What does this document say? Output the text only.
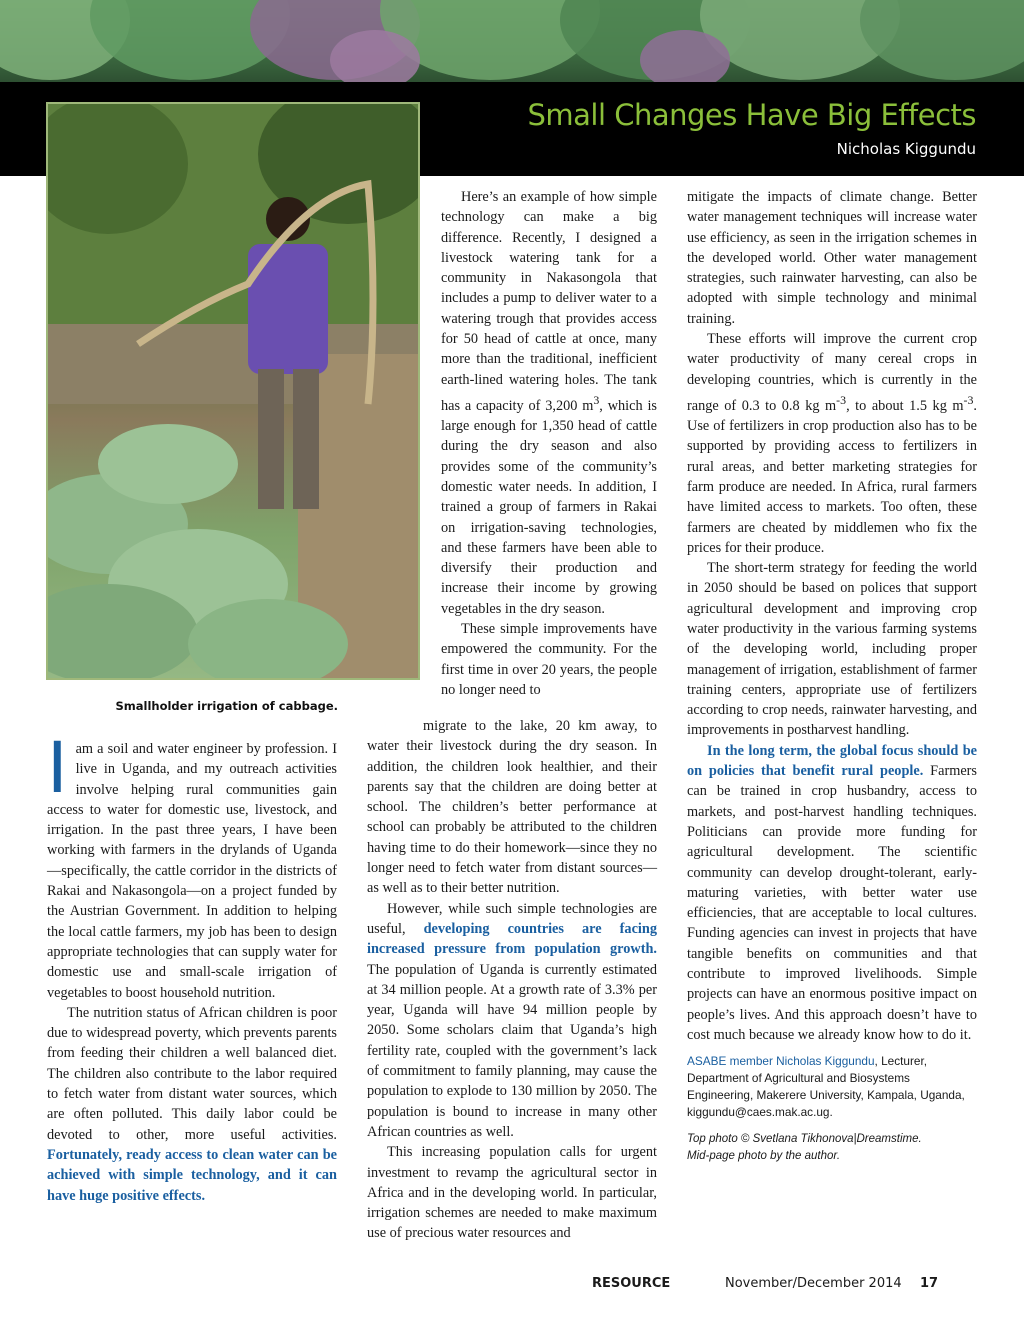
Small Changes Have Big Effects
Nicholas Kiggundu
Smallholder irrigation of cabbage.

Iam a soil and water engineer by profession. I live in Uganda, and my outreach activities involve helping rural communities gain access to water for domestic use, livestock, and irrigation. In the past three years, I have been working with farmers in the drylands of Uganda—specifically, the cattle corridor in the districts of Rakai and Nakasongola—on a project funded by the Austrian Government. In addition to helping the local cattle farmers, my job has been to design appropriate technologies that can supply water for domestic use and small-scale irrigation of vegetables to boost household nutrition.

The nutrition status of African children is poor due to widespread poverty, which prevents parents from feeding their children a well balanced diet. The children also contribute to the labor required to fetch water from distant water sources, which are often polluted. This daily labor could be devoted to other, more useful activities. Fortunately, ready access to clean water can be achieved with simple technology, and it can have huge positive effects.

Here’s an example of how simple technology can make a big difference. Recently, I designed a livestock watering tank for a community in Nakasongola that includes a pump to deliver water to a watering trough that provides access for 50 head of cattle at once, many more than the traditional, inefficient earth-lined watering holes. The tank has a capacity of 3,200 $m^3$, which is large enough for 1,350 head of cattle during the dry season and also provides some of the community’s domestic water needs. In addition, I trained a group of farmers in Rakai on irrigation-saving technologies, and these farmers have been able to diversify their production and increase their income by growing vegetables in the dry season.

These simple improvements have empowered the community. For the first time in over 20 years, the people no longer need to

migrate to the lake, 20 km away, to water their livestock during the dry season. In addition, the children look healthier, and their parents say that the children are doing better at school. The children’s better performance at school can probably be attributed to the children having time to do their homework—since they no longer need to fetch water from distant sources—as well as to their better nutrition.

However, while such simple technologies are useful, developing countries are facing increased pressure from population growth. The population of Uganda is currently estimated at 34 million people. At a growth rate of 3.3% per year, Uganda will have 94 million people by 2050. Some scholars claim that Uganda’s high fertility rate, coupled with the government’s lack of commitment to family planning, may cause the population to explode to 130 million by 2050. The population is bound to increase in many other African countries as well.

This increasing population calls for urgent investment to revamp the agricultural sector in Africa and in the developing world. In particular, irrigation schemes are needed to make maximum use of precious water resources and

mitigate the impacts of climate change. Better water management techniques will increase water use efficiency, as seen in the irrigation schemes in the developed world. Other water management strategies, such rainwater harvesting, can also be adopted with simple technology and minimal training.

These efforts will improve the current crop water productivity of many cereal crops in developing countries, which is currently in the range of 0.3 to 0.8 kg $m^{-3}$, to about 1.5 kg $m^{-3}$. Use of fertilizers in crop production also has to be supported by providing access to fertilizers in rural areas, and better marketing strategies for farm produce are needed. In Africa, rural farmers have limited access to markets. Too often, these farmers are cheated by middlemen who fix the prices for their produce.

The short-term strategy for feeding the world in 2050 should be based on polices that support agricultural development and improving crop water productivity in the various farming systems of the developing world, including proper management of irrigation, establishment of farmer training centers, appropriate use of fertilizers according to crop needs, rainwater harvesting, and improvements in postharvest handling.

In the long term, the global focus should be on policies that benefit rural people. Farmers can be trained in crop husbandry, access to markets, and post-harvest handling techniques. Politicians can provide more funding for agricultural development. The scientific community can develop drought-tolerant, early-maturing varieties, with better water use efficiencies, that are acceptable to local cultures. Funding agencies can invest in projects that have tangible benefits on communities and that contribute to improved livelihoods. Simple projects can have an enormous positive impact on people’s lives. And this approach doesn’t have to cost much because we already know how to do it.

ASABE member Nicholas Kiggundu, Lecturer, Department of Agricultural and Biosystems Engineering, Makerere University, Kampala, Uganda, kiggundu@caes.mak.ac.ug.
Top photo © Svetlana Tikhonova|Dreamstime.
Mid-page photo by the author.
RESOURCE	November/December 2014 17
